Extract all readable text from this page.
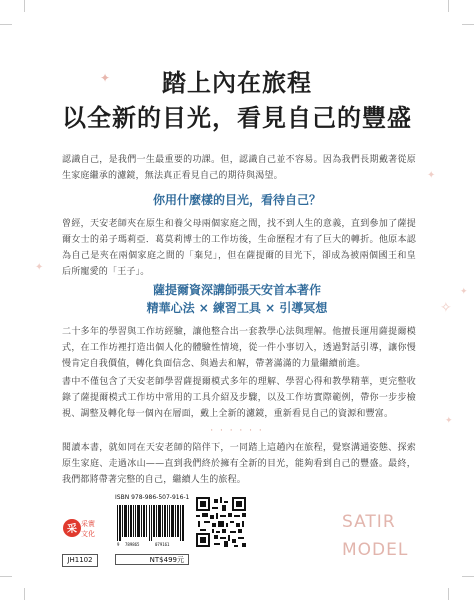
✦
✦
✦
✧
✦
✦
踏上內在旅程
以全新的目光，看見自己的豐盛

認識自己，是我們一生最重要的功課。但，認識自己並不容易。因為我們長期戴著從原生家庭繼承的濾鏡，無法真正看見自己的期待與渴望。

你用什麼樣的目光，看待自己？

曾經，天安老師夾在原生和養父母兩個家庭之間，找不到人生的意義，直到參加了薩提爾女士的弟子瑪莉亞．葛莫莉博士的工作坊後，生命歷程才有了巨大的轉折。他原本認為自己是夾在兩個家庭之間的「棄兒」，但在薩提爾的目光下，卻成為被兩個國王和皇后所寵愛的「王子」。

薩提爾資深講師張天安首本著作

精華心法 × 練習工具 × 引導冥想

二十多年的學習與工作坊經驗，讓他整合出一套教學心法與理解。他擅長運用薩提爾模式，在工作坊裡打造出個人化的體驗性情境，從一件小事切入，透過對話引導，讓你慢慢肯定自我價值，轉化負面信念、與過去和解，帶著滿滿的力量繼續前進。

書中不僅包含了天安老師學習薩提爾模式多年的理解、學習心得和教學精華，更完整收錄了薩提爾模式工作坊中常用的工具介紹及步驟，以及工作坊實際範例，帶你一步步檢視、調整及轉化每一個內在層面，戴上全新的濾鏡，重新看見自己的資源和豐富。

· · · · · ·

閱讀本書，就如同在天安老師的陪伴下，一同踏上這趟內在旅程，覺察溝通姿態、探索原生家庭、走過冰山——直到我們終於擁有全新的目光，能夠看到自己的豐盛。最終，我們都將帶著完整的自己，繼續人生的旅程。

采 采實
文化
ISBN 978-986-507-916-1
9 789865	079161
JH1102	NT$499元
SATIR
MODEL
